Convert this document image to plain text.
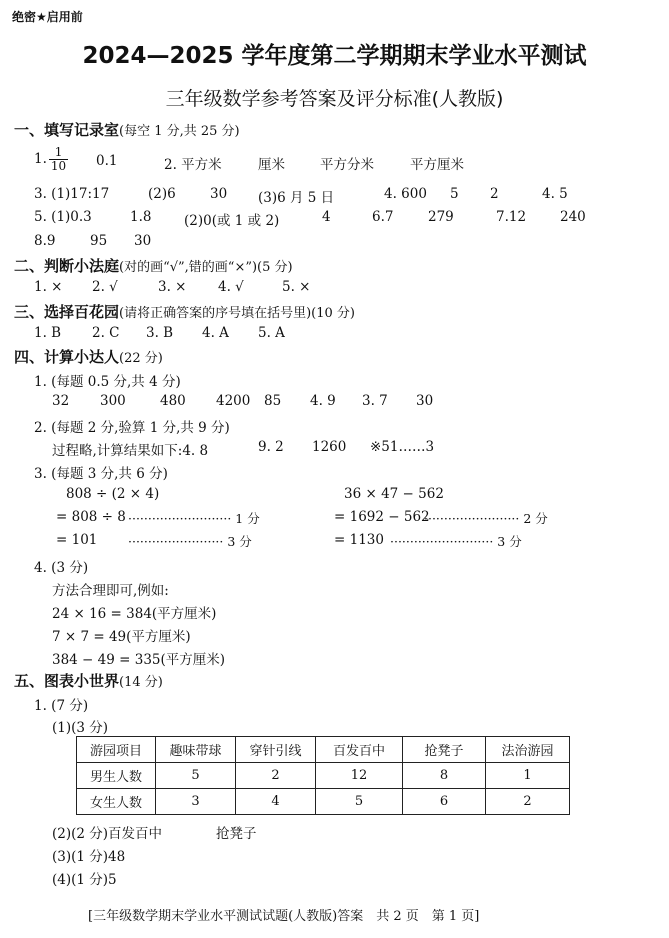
绝密★启用前
2024—2025 学年度第二学期期末学业水平测试
三年级数学参考答案及评分标准(人教版)
一、填写记录室(每空 1 分,共 25 分)
1. $\frac{1}{10} 0.1$	2. 平方米	厘米	平方分米	平方厘米
3. (1)17:17	(2)6	30 (3)6 月 5 日	4. 600 5 2	4. 5
5. (1)0.3	1.8 (2)0(或 1 或 2)	4	6.7	279	7.12	240
8.9	95 30
二、判断小法庭(对的画“√”,错的画“×”)(5 分)
1. × 2. √	3. × 4. √	5. ×
三、选择百花园(请将正确答案的序号填在括号里)(10 分)
1. B 2. C 3. B 4. A 5. A
四、计算小达人(22 分)
1. (每题 0.5 分,共 4 分)
32 300	480 4200 85 4. 9 3. 7 30
2. (每题 2 分,验算 1 分,共 9 分)
过程略,计算结果如下:4. 8	9. 2 1260 ※51……3
3. (每题 3 分,共 6 分)
808 ÷ (2 × 4)
= 808 ÷ 8
= 101
·························· 1 分
························ 3 分
36 × 47 − 562
= 1692 − 562
= 1130
························ 2 分
·························· 3 分
4. (3 分)
方法合理即可,例如:
24 × 16 = 384(平方厘米)
7 × 7 = 49(平方厘米)
384 − 49 = 335(平方厘米)
五、图表小世界(14 分)
1. (7 分)
(1)(3 分)
游园项目	趣味带球	穿针引线	百发百中	抢凳子	法治游园
男生人数	5	2	12	8	1
女生人数	3	4	5	6	2
(2)(2 分)百发百中	抢凳子
(3)(1 分)48
(4)(1 分)5
[三年级数学期末学业水平测试试题(人教版)答案　共 2 页　第 1 页]
